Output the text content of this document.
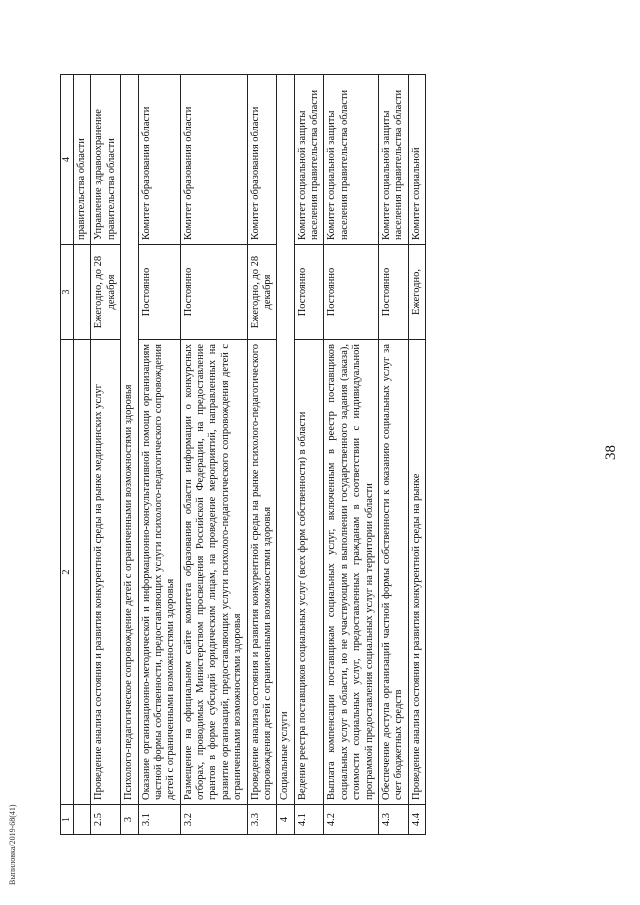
38
Выпиловка/2019-68(41)	1	2	3	4
			правительства области
2.5	Проведение анализа состояния и развития конкурентной среды на рынке медицинских услуг	Ежегодно, до 28 декабря	Управление здравоохранение правительства области
3	Психолого-педагогическое сопровождение детей с ограниченными возможностями здоровья		
3.1	Оказание организационно-методической и информационно-консультативной помощи организациям частной формы собственности, предоставляющих услуги психолого-педагогического сопровождения детей с ограниченными возможностями здоровья	Постоянно	Комитет образования области
3.2	Размещение на официальном сайте комитета образования области информации о конкурсных отборах, проводимых Министерством просвещения Российской Федерации, на предоставление грантов в форме субсидий юридическим лицам, на проведение мероприятий, направленных на развитие организаций, предоставляющих услуги психолого-педагогического сопровождения детей с ограниченными возможностями здоровья	Постоянно	Комитет образования области
3.3	Проведение анализа состояния и развития конкурентной среды на рынке психолого-педагогического сопровождения детей с ограниченными возможностями здоровья	Ежегодно, до 28 декабря	Комитет образования области
4	Социальные услуги		
4.1	Ведение реестра поставщиков социальных услуг (всех форм собственности) в области	Постоянно	Комитет социальной защиты населения правительства области
4.2	Выплата компенсации поставщикам социальных услуг, включенным в реестр поставщиков социальных услуг в области, но не участвующим в выполнении государственного задания (заказа), стоимости социальных услуг, предоставленных гражданам в соответствии с индивидуальной программой предоставления социальных услуг на территории области	Постоянно	Комитет социальной защиты населения правительства области
4.3	Обеспечение доступа организаций частной формы собственности к оказанию социальных услуг за счет бюджетных средств	Постоянно	Комитет социальной защиты населения правительства области
4.4	Проведение анализа состояния и развития конкурентной среды на рынке	Ежегодно,	Комитет социальной
